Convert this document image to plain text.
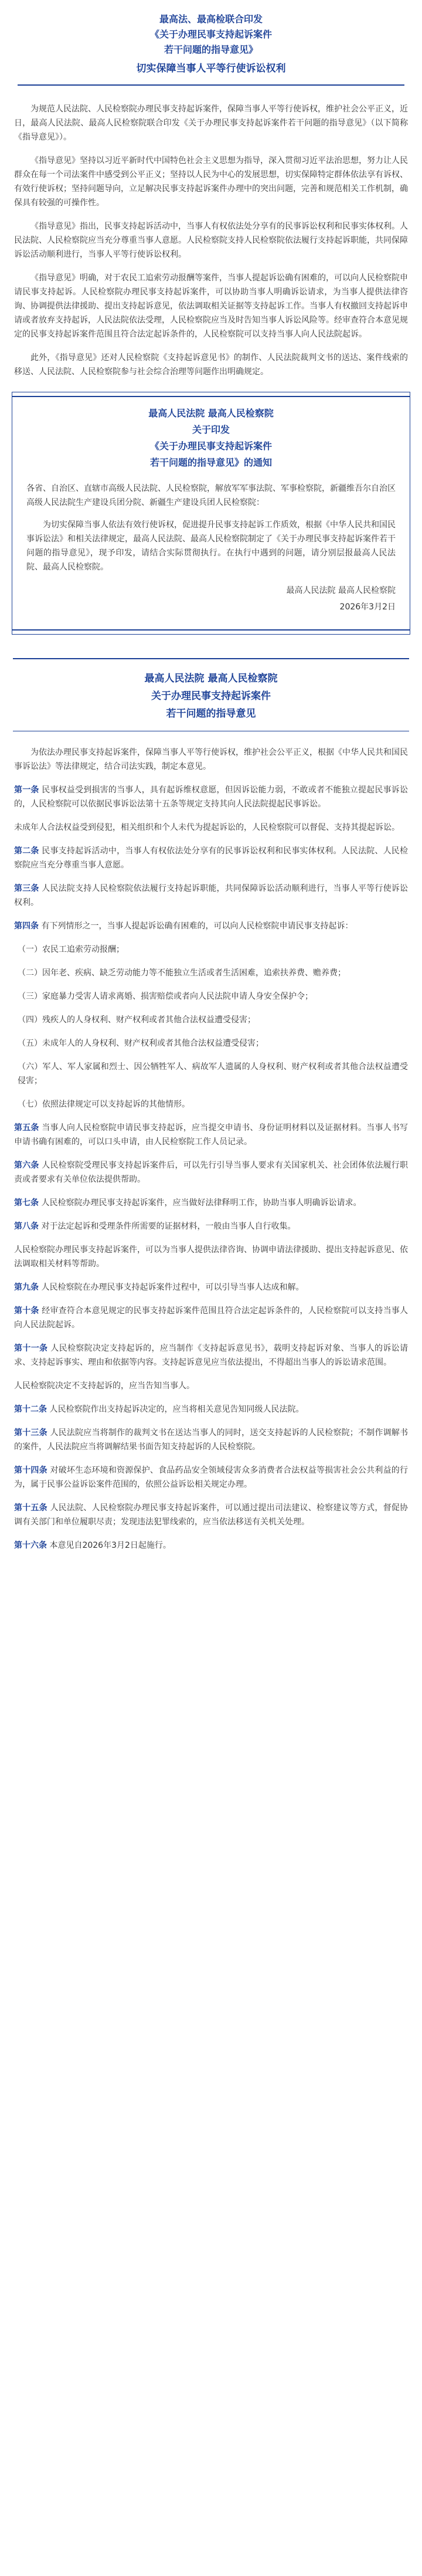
最高法、最高检联合印发
《关于办理民事支持起诉案件
若干问题的指导意见》
切实保障当事人平等行使诉讼权利

为规范人民法院、人民检察院办理民事支持起诉案件，保障当事人平等行使诉权，维护社会公平正义，近日，最高人民法院、最高人民检察院联合印发《关于办理民事支持起诉案件若干问题的指导意见》（以下简称《指导意见》）。

《指导意见》坚持以习近平新时代中国特色社会主义思想为指导，深入贯彻习近平法治思想，努力让人民群众在每一个司法案件中感受到公平正义；坚持以人民为中心的发展思想，切实保障特定群体依法享有诉权、有效行使诉权；坚持问题导向，立足解决民事支持起诉案件办理中的突出问题，完善和规范相关工作机制，确保具有较强的可操作性。

《指导意见》指出，民事支持起诉活动中，当事人有权依法处分享有的民事诉讼权利和民事实体权利。人民法院、人民检察院应当充分尊重当事人意愿。人民检察院支持人民检察院依法履行支持起诉职能，共同保障诉讼活动顺利进行，当事人平等行使诉讼权利。

《指导意见》明确，对于农民工追索劳动报酬等案件，当事人提起诉讼确有困难的，可以向人民检察院申请民事支持起诉。人民检察院办理民事支持起诉案件，可以协助当事人明确诉讼请求，为当事人提供法律咨询、协调提供法律援助、提出支持起诉意见，依法调取相关证据等支持起诉工作。当事人有权撤回支持起诉申请或者放弃支持起诉，人民法院依法受理，人民检察院应当及时告知当事人诉讼风险等。经审查符合本意见规定的民事支持起诉案件范围且符合法定起诉条件的，人民检察院可以支持当事人向人民法院起诉。

此外，《指导意见》还对人民检察院《支持起诉意见书》的制作、人民法院裁判文书的送达、案件线索的移送、人民法院、人民检察院参与社会综合治理等问题作出明确规定。

最高人民法院 最高人民检察院
关于印发
《关于办理民事支持起诉案件
若干问题的指导意见》的通知

各省、自治区、直辖市高级人民法院、人民检察院，解放军军事法院、军事检察院，新疆维吾尔自治区高级人民法院生产建设兵团分院、新疆生产建设兵团人民检察院：

为切实保障当事人依法有效行使诉权，促进提升民事支持起诉工作质效，根据《中华人民共和国民事诉讼法》和相关法律规定，最高人民法院、最高人民检察院制定了《关于办理民事支持起诉案件若干问题的指导意见》，现予印发，请结合实际贯彻执行。在执行中遇到的问题，请分别层报最高人民法院、最高人民检察院。

最高人民法院 最高人民检察院
2026年3月2日
最高人民法院 最高人民检察院
关于办理民事支持起诉案件
若干问题的指导意见

为依法办理民事支持起诉案件，保障当事人平等行使诉权，维护社会公平正义，根据《中华人民共和国民事诉讼法》等法律规定，结合司法实践，制定本意见。

第一条 民事权益受到损害的当事人，具有起诉维权意愿，但因诉讼能力弱，不敢或者不能独立提起民事诉讼的，人民检察院可以依据民事诉讼法第十五条等规定支持其向人民法院提起民事诉讼。

未成年人合法权益受到侵犯，相关组织和个人未代为提起诉讼的，人民检察院可以督促、支持其提起诉讼。

第二条 民事支持起诉活动中，当事人有权依法处分享有的民事诉讼权利和民事实体权利。人民法院、人民检察院应当充分尊重当事人意愿。

第三条 人民法院支持人民检察院依法履行支持起诉职能，共同保障诉讼活动顺利进行，当事人平等行使诉讼权利。

第四条 有下列情形之一，当事人提起诉讼确有困难的，可以向人民检察院申请民事支持起诉：

（一）农民工追索劳动报酬；

（二）因年老、疾病、缺乏劳动能力等不能独立生活或者生活困难，追索扶养费、赡养费；

（三）家庭暴力受害人请求离婚、损害赔偿或者向人民法院申请人身安全保护令；

（四）残疾人的人身权利、财产权利或者其他合法权益遭受侵害；

（五）未成年人的人身权利、财产权利或者其他合法权益遭受侵害；

（六）军人、军人家属和烈士、因公牺牲军人、病故军人遗属的人身权利、财产权利或者其他合法权益遭受侵害；

（七）依照法律规定可以支持起诉的其他情形。

第五条 当事人向人民检察院申请民事支持起诉，应当提交申请书、身份证明材料以及证据材料。当事人书写申请书确有困难的，可以口头申请，由人民检察院工作人员记录。

第六条 人民检察院受理民事支持起诉案件后，可以先行引导当事人要求有关国家机关、社会团体依法履行职责或者要求有关单位依法提供帮助。

第七条 人民检察院办理民事支持起诉案件，应当做好法律释明工作，协助当事人明确诉讼请求。

第八条 对于法定起诉和受理条件所需要的证据材料，一般由当事人自行收集。

人民检察院办理民事支持起诉案件，可以为当事人提供法律咨询、协调申请法律援助、提出支持起诉意见、依法调取相关材料等帮助。

第九条 人民检察院在办理民事支持起诉案件过程中，可以引导当事人达成和解。

第十条 经审查符合本意见规定的民事支持起诉案件范围且符合法定起诉条件的，人民检察院可以支持当事人向人民法院起诉。

第十一条 人民检察院决定支持起诉的，应当制作《支持起诉意见书》，载明支持起诉对象、当事人的诉讼请求、支持起诉事实、理由和依据等内容。支持起诉意见应当依法提出，不得超出当事人的诉讼请求范围。

人民检察院决定不支持起诉的，应当告知当事人。

第十二条 人民检察院作出支持起诉决定的，应当将相关意见告知同级人民法院。

第十三条 人民法院应当将制作的裁判文书在送达当事人的同时，送交支持起诉的人民检察院；不制作调解书的案件，人民法院应当将调解结果书面告知支持起诉的人民检察院。

第十四条 对破坏生态环境和资源保护、食品药品安全领域侵害众多消费者合法权益等损害社会公共利益的行为，属于民事公益诉讼案件范围的，依照公益诉讼相关规定办理。

第十五条 人民法院、人民检察院办理民事支持起诉案件，可以通过提出司法建议、检察建议等方式，督促协调有关部门和单位履职尽责；发现违法犯罪线索的，应当依法移送有关机关处理。

第十六条 本意见自2026年3月2日起施行。
